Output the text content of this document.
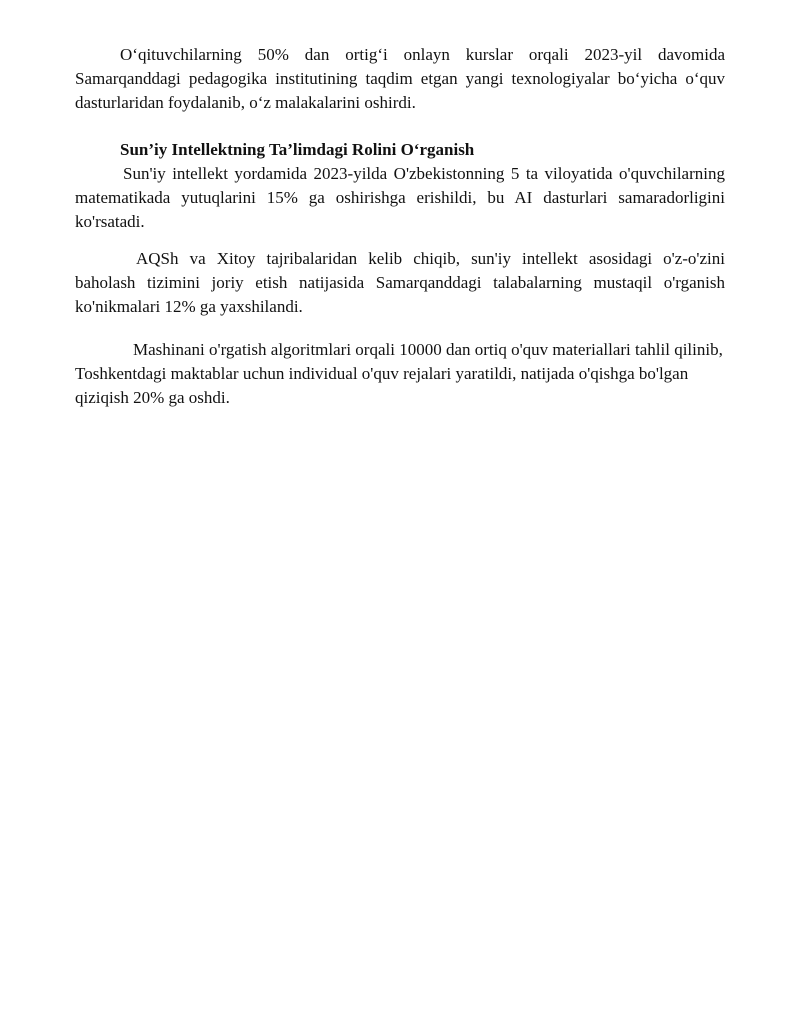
O‘qituvchilarning 50% dan ortig‘i onlayn kurslar orqali 2023-yil davomida Samarqanddagi pedagogika institutining taqdim etgan yangi texnologiyalar bo‘yicha o‘quv dasturlaridan foydalanib, o‘z malakalarini oshirdi.

Sun’iy Intellektning Ta’limdagi Rolini O‘rganish

Sun'iy intellekt yordamida 2023-yilda O'zbekistonning 5 ta viloyatida o'quvchilarning matematikada yutuqlarini 15% ga oshirishga erishildi, bu AI dasturlari samaradorligini ko'rsatadi.

AQSh va Xitoy tajribalaridan kelib chiqib, sun'iy intellekt asosidagi o'z-o'zini baholash tizimini joriy etish natijasida Samarqanddagi talabalarning mustaqil o'rganish ko'nikmalari 12% ga yaxshilandi.

Mashinani o'rgatish algoritmlari orqali 10000 dan ortiq o'quv materiallari tahlil qilinib, Toshkentdagi maktablar uchun individual o'quv rejalari yaratildi, natijada o'qishga bo'lgan qiziqish 20% ga oshdi.
